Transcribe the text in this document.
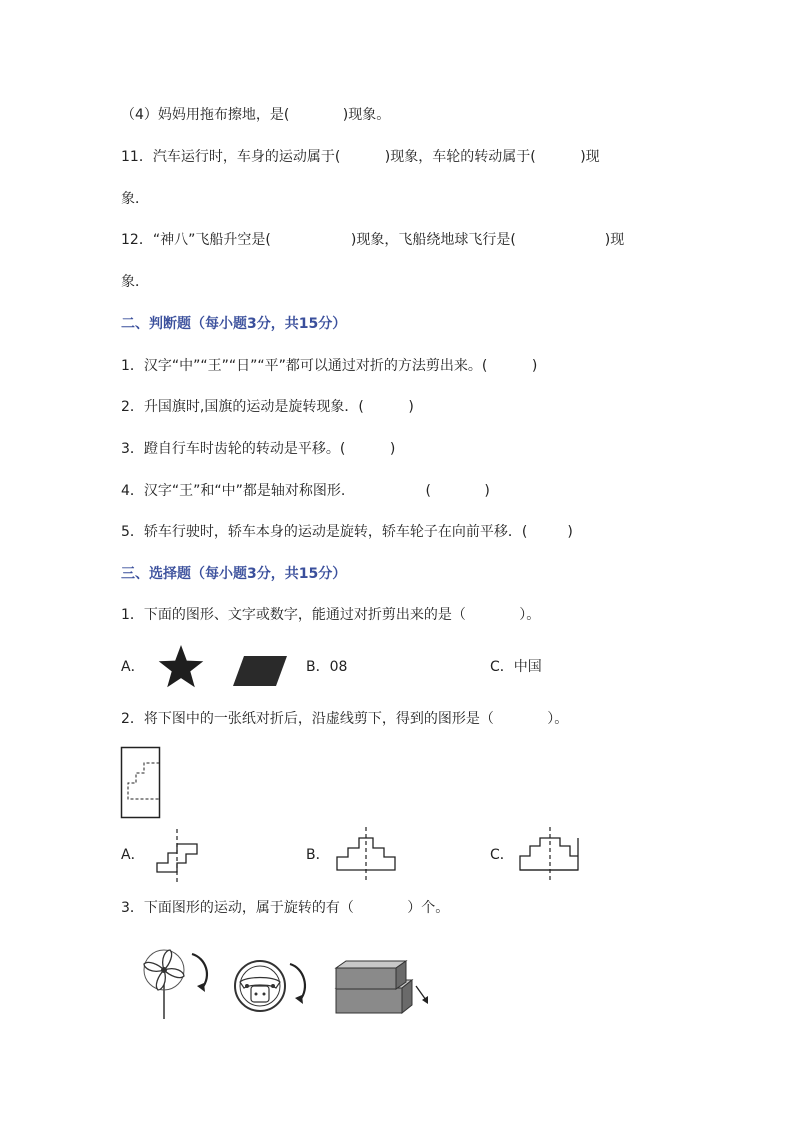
（4）妈妈用拖布擦地，是(            )现象。
11．汽车运行时，车身的运动属于(          )现象，车轮的转动属于(          )现
象．
12．“神八”飞船升空是(                  )现象，飞船绕地球飞行是(                    )现
象．
二、判断题（每小题3分，共15分）
1．汉字“中”“王”“日”“平”都可以通过对折的方法剪出来。(          )
2．升国旗时,国旗的运动是旋转现象．(          )
3．蹬自行车时齿轮的转动是平移。(          )
4．汉字“王”和“中”都是轴对称图形.                  (            )
5．轿车行驶时，轿车本身的运动是旋转，轿车轮子在向前平移．(         )
三、选择题（每小题3分，共15分）
1．下面的图形、文字或数字，能通过对折剪出来的是（            ）。
A．	B．08	C．中国
2．将下图中的一张纸对折后，沿虚线剪下，得到的图形是（            ）。
A．	B．	C．
3．下面图形的运动，属于旋转的有（            ）个。
